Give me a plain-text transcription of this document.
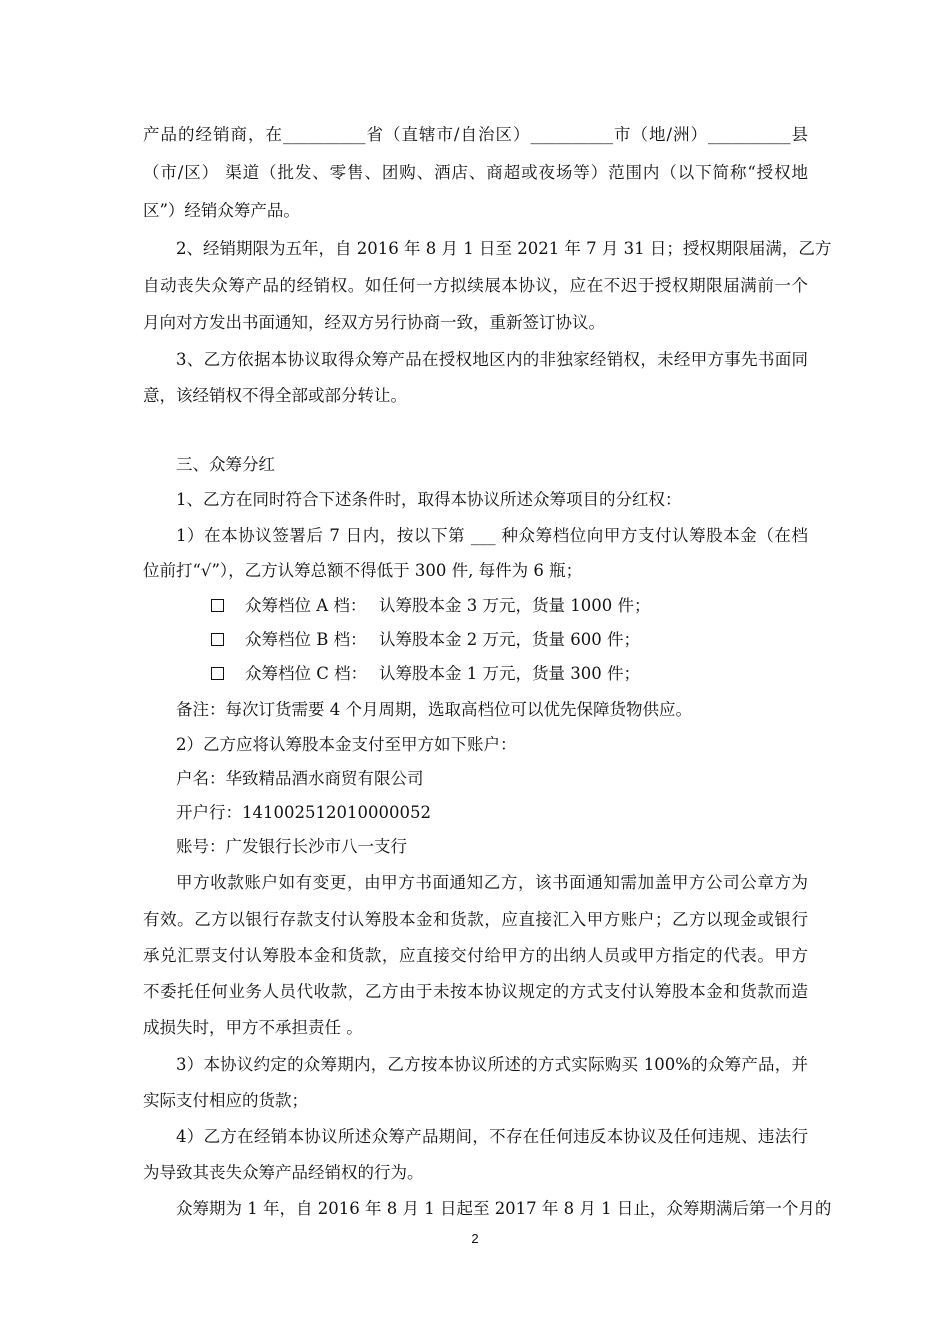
产品的经销商，在__________省（直辖市/自治区）__________市（地/洲）__________县
（市/区） 渠道（批发、零售、团购、酒店、商超或夜场等）范围内（以下简称“授权地
区”）经销众筹产品。
2、经销期限为五年，自 2016 年 8 月 1 日至 2021 年 7 月 31 日；授权期限届满，乙方
自动丧失众筹产品的经销权。如任何一方拟续展本协议，应在不迟于授权期限届满前一个
月向对方发出书面通知，经双方另行协商一致，重新签订协议。
3、乙方依据本协议取得众筹产品在授权地区内的非独家经销权，未经甲方事先书面同
意，该经销权不得全部或部分转让。
三、众筹分红
1、乙方在同时符合下述条件时，取得本协议所述众筹项目的分红权：
1）在本协议签署后 7 日内，按以下第 ___ 种众筹档位向甲方支付认筹股本金（在档
位前打“√”），乙方认筹总额不得低于 300 件, 每件为 6 瓶；
众筹档位 A 档： 认筹股本金 3 万元，货量 1000 件；
众筹档位 B 档： 认筹股本金 2 万元，货量 600 件；
众筹档位 C 档： 认筹股本金 1 万元，货量 300 件；
备注：每次订货需要 4 个月周期，选取高档位可以优先保障货物供应。
2）乙方应将认筹股本金支付至甲方如下账户：
户名：华致精品酒水商贸有限公司
开户行：141002512010000052
账号：广发银行长沙市八一支行
甲方收款账户如有变更，由甲方书面通知乙方，该书面通知需加盖甲方公司公章方为
有效。乙方以银行存款支付认筹股本金和货款，应直接汇入甲方账户；乙方以现金或银行
承兑汇票支付认筹股本金和货款，应直接交付给甲方的出纳人员或甲方指定的代表。甲方
不委托任何业务人员代收款，乙方由于未按本协议规定的方式支付认筹股本金和货款而造
成损失时，甲方不承担责任 。
3）本协议约定的众筹期内，乙方按本协议所述的方式实际购买 100%的众筹产品，并
实际支付相应的货款；
4）乙方在经销本协议所述众筹产品期间，不存在任何违反本协议及任何违规、违法行
为导致其丧失众筹产品经销权的行为。
众筹期为 1 年，自 2016 年 8 月 1 日起至 2017 年 8 月 1 日止，众筹期满后第一个月的
2
